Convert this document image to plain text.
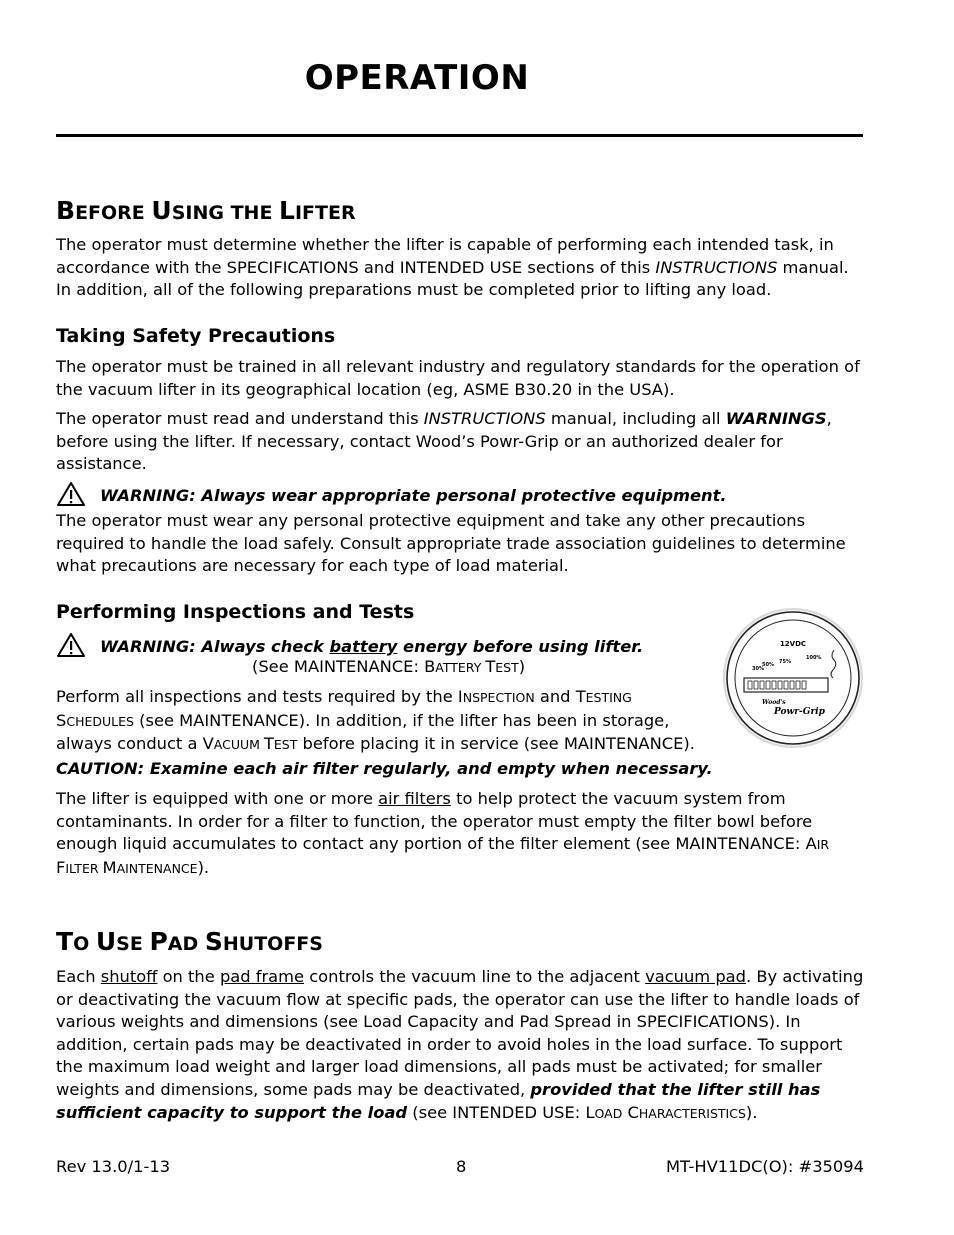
OPERATION
BEFORE USING THE LIFTER
The operator must determine whether the lifter is capable of performing each intended task, in accordance with the SPECIFICATIONS and INTENDED USE sections of this INSTRUCTIONS manual. In addition, all of the following preparations must be completed prior to lifting any load.
Taking Safety Precautions
The operator must be trained in all relevant industry and regulatory standards for the operation of the vacuum lifter in its geographical location (eg, ASME B30.20 in the USA).
The operator must read and understand this INSTRUCTIONS manual, including all WARNINGS, before using the lifter. If necessary, contact Wood’s Powr-Grip or an authorized dealer for assistance.
WARNING: Always wear appropriate personal protective equipment.
The operator must wear any personal protective equipment and take any other precautions required to handle the load safely. Consult appropriate trade association guidelines to determine what precautions are necessary for each type of load material.
Performing Inspections and Tests
WARNING: Always check battery energy before using lifter.
(See MAINTENANCE: BATTERY TEST)
Perform all inspections and tests required by the INSPECTION and TESTING
SCHEDULES (see MAINTENANCE). In addition, if the lifter has been in storage,
always conduct a VACUUM TEST before placing it in service (see MAINTENANCE).
CAUTION: Examine each air filter regularly, and empty when necessary.
The lifter is equipped with one or more air filters to help protect the vacuum system from contaminants. In order for a filter to function, the operator must empty the filter bowl before enough liquid accumulates to contact any portion of the filter element (see MAINTENANCE: AIR FILTER MAINTENANCE).
12VDC
30%
50% 75%
100%
Wood's
Powr-Grip
TO USE PAD SHUTOFFS
Each shutoff on the pad frame controls the vacuum line to the adjacent vacuum pad. By activating or deactivating the vacuum flow at specific pads, the operator can use the lifter to handle loads of various weights and dimensions (see Load Capacity and Pad Spread in SPECIFICATIONS). In addition, certain pads may be deactivated in order to avoid holes in the load surface. To support the maximum load weight and larger load dimensions, all pads must be activated; for smaller weights and dimensions, some pads may be deactivated, provided that the lifter still has sufficient capacity to support the load (see INTENDED USE: LOAD CHARACTERISTICS).
Rev 13.0/1-13	8	MT-HV11DC(O): #35094
